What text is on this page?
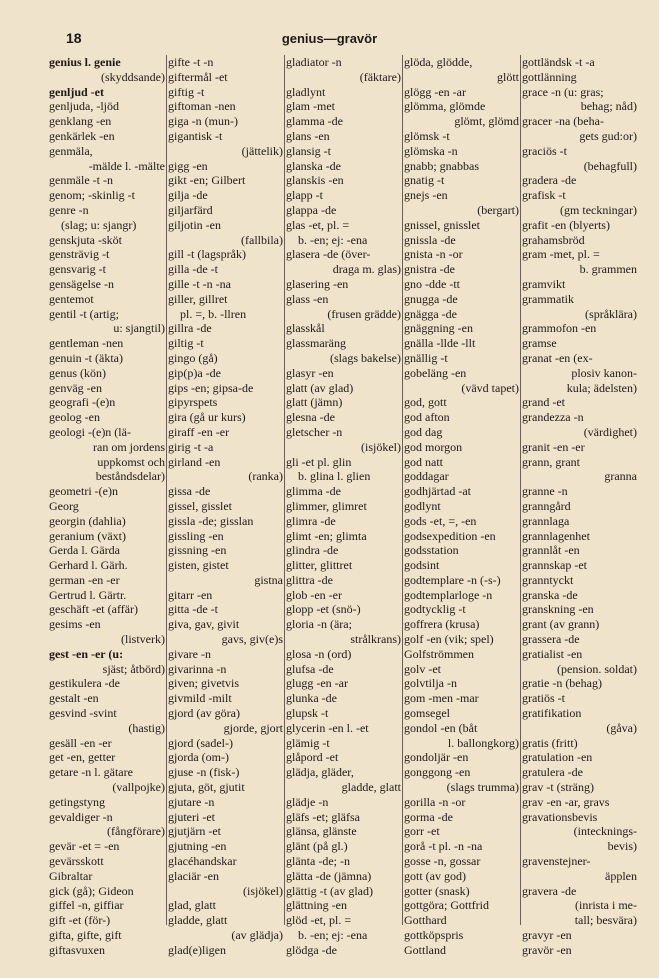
18	genius—gravör
genius l. genie
(skyddsande)
genljud -et
genljuda, -ljöd
genklang -en
genkärlek -en
genmäla,
-mälde l. -mälte
genmäle -t -n
genom; -skinlig -t
genre -n
(slag; u: sjangr)
genskjuta -sköt
gensträvig -t
gensvarig -t
gensägelse -n
gentemot
gentil -t (artig;
u: sjangtil)
gentleman -nen
genuin -t (äkta)
genus (kön)
genväg -en
geografi -(e)n
geolog -en
geologi -(e)n (lä-
ran om jordens
uppkomst och
beståndsdelar)
geometri -(e)n
Georg
georgin (dahlia)
geranium (växt)
Gerda l. Gärda
Gerhard l. Gärh.
german -en -er
Gertrud l. Gärtr.
geschäft -et (affär)
gesims -en
(listverk)
gest -en -er (u:
sjäst; åtbörd)
gestikulera -de
gestalt -en
gesvind -svint
(hastig)
gesäll -en -er
get -en, getter
getare -n l. gätare
(vallpojke)
getingstyng
gevaldiger -n
(fångförare)
gevär -et = -en
gevärsskott
Gibraltar
gick (gå); Gideon
giffel -n, giffiar
gift -et (för-)
gifta, gifte, gift
giftasvuxen
gifte -t -n
giftermål -et
giftig -t
giftoman -nen
giga -n (mun-)
gigantisk -t
(jättelik)
gigg -en
gikt -en; Gilbert
gilja -de
giljarfärd
giljotin -en
(fallbila)
gill -t (lagspråk)
gilla -de -t
gille -t -n -na
giller, gillret
pl. =, b. -llren
gillra -de
giltig -t
gingo (gå)
gip(p)a -de
gips -en; gipsa-de
gipyrspets
gira (gå ur kurs)
giraff -en -er
girig -t -a
girland -en
(ranka)
gissa -de
gissel, gisslet
gissla -de; gisslan
gissling -en
gissning -en
gisten, gistet
gistna
gitarr -en
gitta -de -t
giva, gav, givit
gavs, giv(e)s
givare -n
givarinna -n
given; givetvis
givmild -milt
gjord (av göra)
gjorde, gjort
gjord (sadel-)
gjorda (om-)
gjuse -n (fisk-)
gjuta, göt, gjutit
gjutare -n
gjuteri -et
gjutjärn -et
gjutning -en
glacéhandskar
glaciär -en
(isjökel)
glad, glatt
gladde, glatt
(av glädja)
glad(e)ligen
gladiator -n
(fäktare)
gladlynt
glam -met
glamma -de
glans -en
glansig -t
glanska -de
glanskis -en
glapp -t
glappa -de
glas -et, pl. =
b. -en; ej: -ena
glasera -de (över-
draga m. glas)
glasering -en
glass -en
(frusen grädde)
glasskål
glassmaräng
(slags bakelse)
glasyr -en
glatt (av glad)
glatt (jämn)
glesna -de
gletscher -n
(isjökel)
gli -et pl. glin
b. glina l. glien
glimma -de
glimmer, glimret
glimra -de
glimt -en; glimta
glindra -de
glitter, glittret
glittra -de
glob -en -er
glopp -et (snö-)
gloria -n (ära;
strålkrans)
glosa -n (ord)
glufsa -de
glugg -en -ar
glunka -de
glupsk -t
glycerin -en l. -et
glämig -t
glåpord -et
glädja, gläder,
gladde, glatt
glädje -n
gläfs -et; gläfsa
glänsa, glänste
glänt (på gl.)
glänta -de; -n
glätta -de (jämna)
glättig -t (av glad)
glättning -en
glöd -et, pl. =
b. -en; ej: -ena
glödga -de
glöda, glödde,
glött
glögg -en -ar
glömma, glömde
glömt, glömd
glömsk -t
glömska -n
gnabb; gnabbas
gnatig -t
gnejs -en
(bergart)
gnissel, gnisslet
gnissla -de
gnista -n -or
gnistra -de
gno -dde -tt
gnugga -de
gnägga -de
gnäggning -en
gnälla -llde -llt
gnällig -t
gobeläng -en
(vävd tapet)
god, gott
god afton
god dag
god morgon
god natt
goddagar
godhjärtad -at
godlynt
gods -et, =, -en
godsexpedition -en
godsstation
godsint
godtemplare -n (-s-)
godtemplarloge -n
godtycklig -t
goffrera (krusa)
golf -en (vik; spel)
Golfströmmen
golv -et
golvtilja -n
gom -men -mar
gomsegel
gondol -en (båt
l. ballongkorg)
gondoljär -en
gonggong -en
(slags trumma)
gorilla -n -or
gorma -de
gorr -et
gorå -t pl. -n -na
gosse -n, gossar
gott (av god)
gotter (snask)
gottgöra; Gottfrid
Gotthard
gottköpspris
Gottland
gottländsk -t -a
gottlänning
grace -n (u: gras;
behag; nåd)
gracer -na (beha-
gets gud:or)
graciös -t
(behagfull)
gradera -de
grafisk -t
(gm teckningar)
grafit -en (blyerts)
grahamsbröd
gram -met, pl. =
b. grammen
gramvikt
grammatik
(språklära)
grammofon -en
gramse
granat -en (ex-
plosiv kanon-
kula; ädelsten)
grand -et
grandezza -n
(värdighet)
granit -en -er
grann, grant
granna
granne -n
granngård
grannlaga
grannlagenhet
grannlåt -en
grannskap -et
granntyckt
granska -de
granskning -en
grant (av grann)
grassera -de
gratialist -en
(pension. soldat)
gratie -n (behag)
gratiös -t
gratifikation
(gåva)
gratis (fritt)
gratulation -en
gratulera -de
grav -t (sträng)
grav -en -ar, gravs
gravationsbevis
(intecknings-
bevis)
gravenstejner-
äpplen
gravera -de
(inrista i me-
tall; besvära)
gravyr -en
gravör -en
